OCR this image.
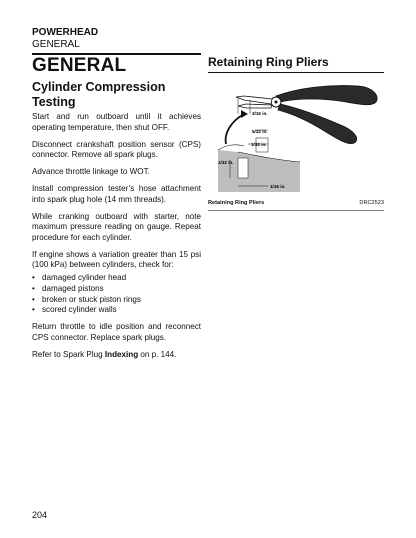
POWERHEAD
GENERAL
GENERAL
Cylinder Compression Testing

Start and run outboard until it achieves operating temperature, then shut OFF.

Disconnect crankshaft position sensor (CPS) connector. Remove all spark plugs.

Advance throttle linkage to WOT.

Install compression tester’s hose attachment into spark plug hole (14 mm threads).

While cranking outboard with starter, note maximum pressure reading on gauge. Repeat procedure for each cylinder.

If engine shows a variation greater than 15 psi (100 kPa) between cylinders, check for:

• damaged cylinder head
• damaged pistons
• broken or stuck piston rings
• scored cylinder walls

Return throttle to idle position and reconnect CPS connector. Replace spark plugs.

Refer to Spark Plug Indexing on p. 144.

Retaining Ring Pliers
3/16 in.
5/32 in.
1/32 in.
1/32 in.
1/16 in.
Retaining Ring Pliers	DRC2523
204
